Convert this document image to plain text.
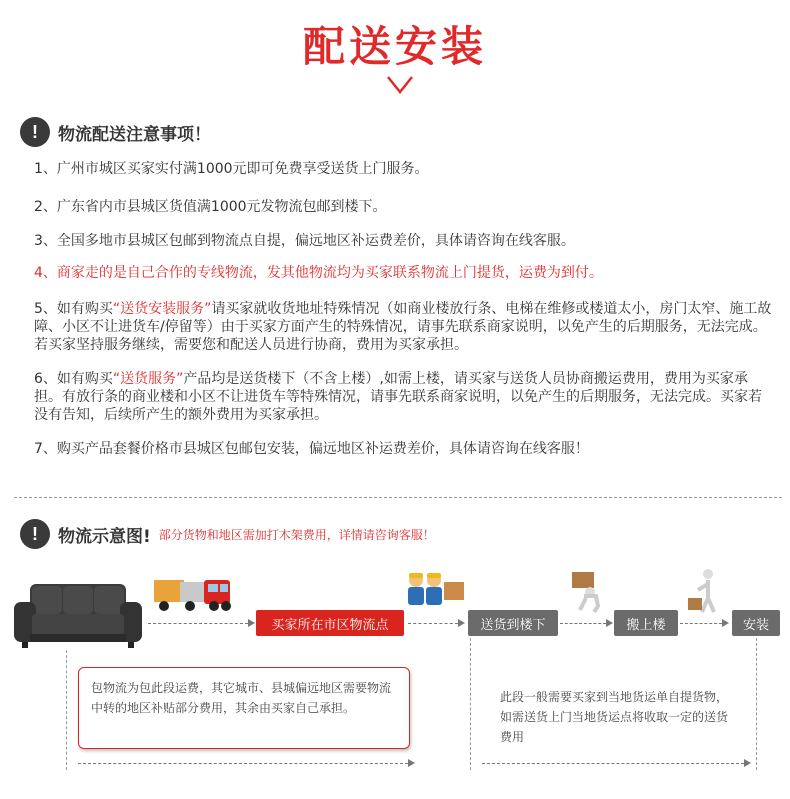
配送安装
!	物流配送注意事项！
1、广州市城区买家实付满1000元即可免费享受送货上门服务。
2、广东省内市县城区货值满1000元发物流包邮到楼下。
3、全国多地市县城区包邮到物流点自提，偏远地区补运费差价，具体请咨询在线客服。
4、商家走的是自己合作的专线物流，发其他物流均为买家联系物流上门提货，运费为到付。
5、如有购买“送货安装服务”请买家就收货地址特殊情况（如商业楼放行条、电梯在维修或楼道太小，房门太窄、施工故障、小区不让进货车/停留等）由于买家方面产生的特殊情况，请事先联系商家说明，以免产生的后期服务，无法完成。若买家坚持服务继续，需要您和配送人员进行协商，费用为买家承担。
6、如有购买“送货服务”产品均是送货楼下（不含上楼）,如需上楼，请买家与送货人员协商搬运费用，费用为买家承担。有放行条的商业楼和小区不让进货车等特殊情况，请事先联系商家说明，以免产生的后期服务，无法完成。买家若没有告知，后续所产生的额外费用为买家承担。
7、购买产品套餐价格市县城区包邮包安装，偏远地区补运费差价，具体请咨询在线客服！
!	物流示意图! 部分货物和地区需加打木架费用，详情请咨询客服！
买家所在市区物流点	送货到楼下	搬上楼	安装
包物流为包此段运费，其它城市、县城偏远地区需要物流中转的地区补贴部分费用，其余由买家自己承担。
此段一般需要买家到当地货运单自提货物，如需送货上门当地货运点将收取一定的送货费用
